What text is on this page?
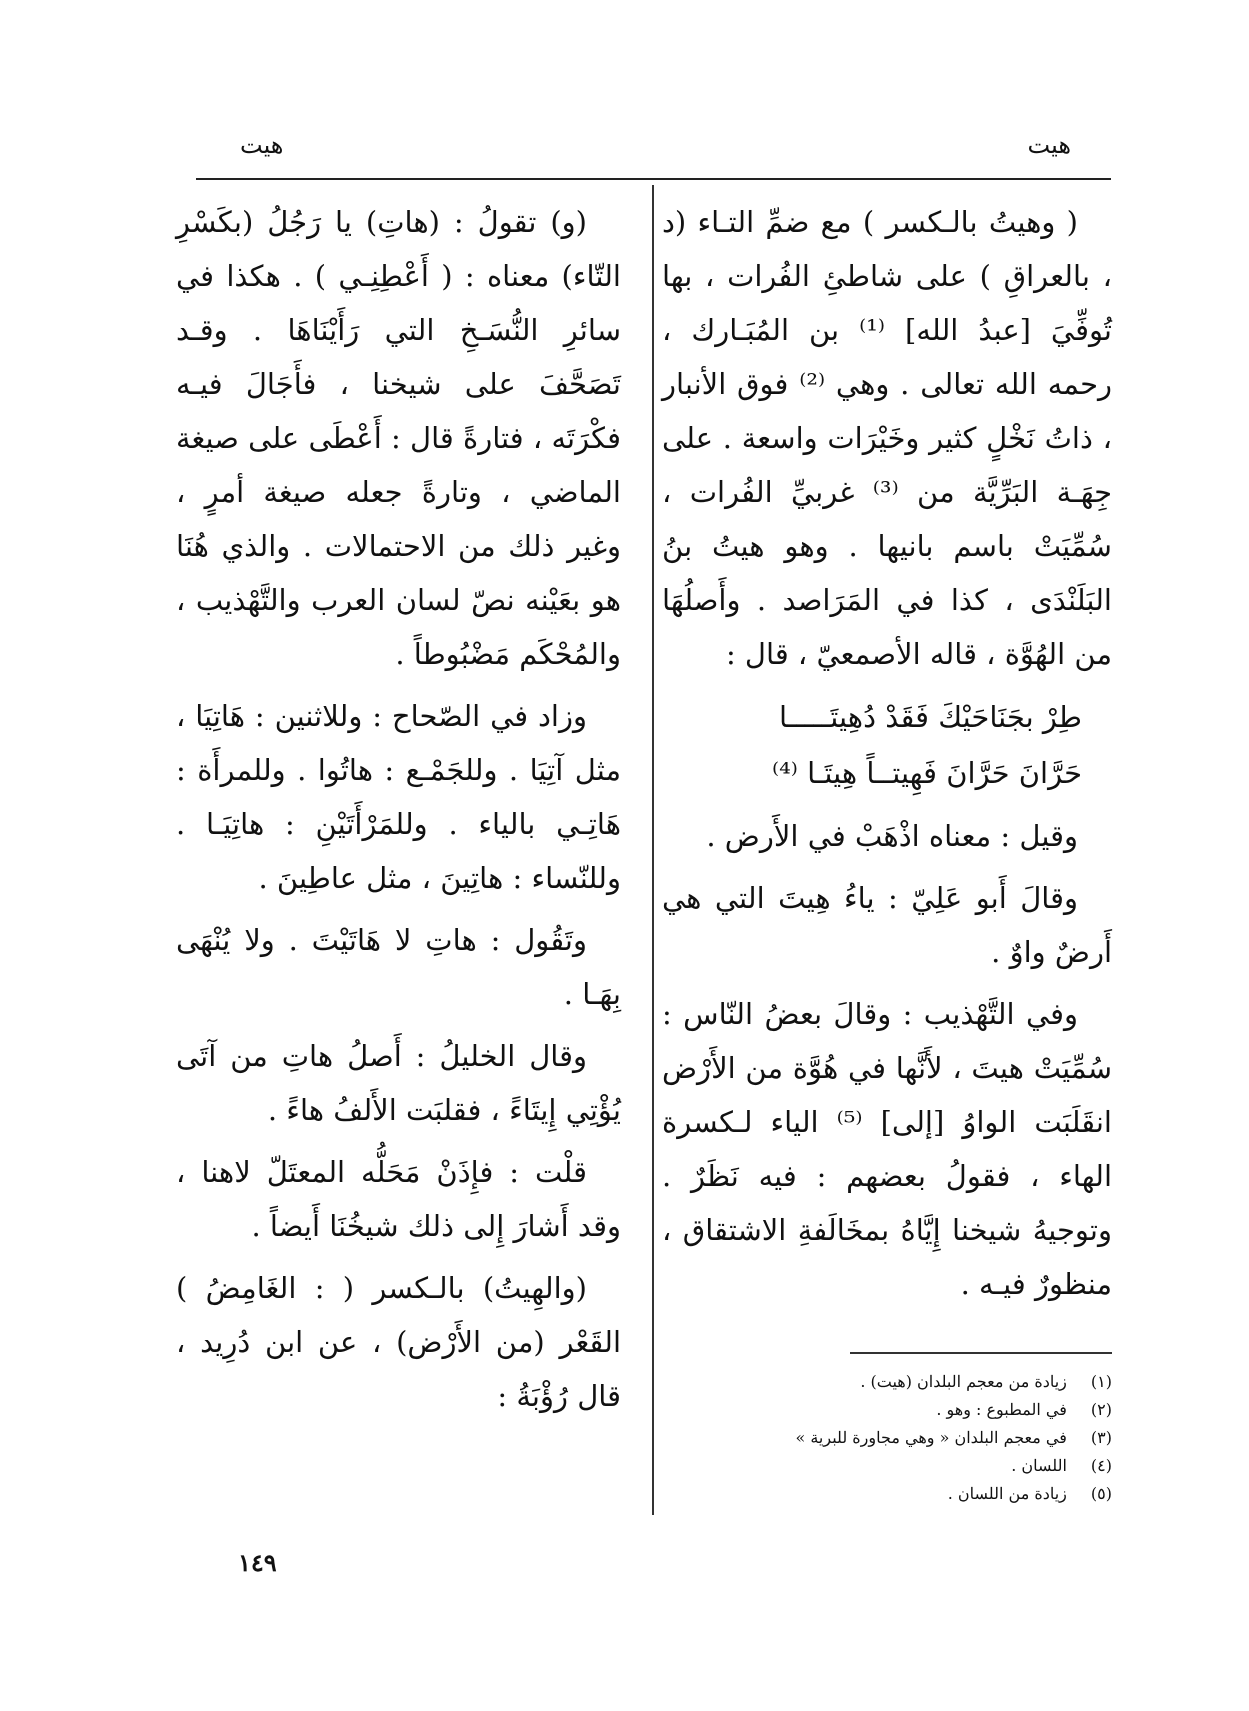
هيت
هيت

( وهيتُ بالـكسر ) مع ضمِّ التـاء (د ، بالعراقِ ) على شاطئِ الفُرات ، بها تُوفِّيَ [عبدُ الله] ⁽¹⁾ بن المُبَـارك ، رحمه الله تعالى . وهي ⁽²⁾ فوق الأنبار ، ذاتُ نَخْلٍ كثير وخَيْرَات واسعة . على جِهَـة البَرِّيَّة من ⁽³⁾ غربيِّ الفُرات ، سُمِّيَتْ باسم بانيها . وهو هيتُ بنُ البَلَنْدَى ، كذا في المَرَاصد . وأَصلُهَا من الهُوَّة ، قاله الأصمعيّ ، قال :

طِرْ بجَنَاحَيْكَ فَقَدْ دُهِيتَـــــا
حَرَّانَ حَرَّانَ فَهِيتــاً هِيتَـا ⁽⁴⁾

وقيل : معناه اذْهَبْ في الأَرض .

وقالَ أَبو عَلِيّ : ياءُ هِيتَ التي هي أَرضٌ واوٌ .

وفي التَّهْذيب : وقالَ بعضُ النّاس : سُمِّيَتْ هيتَ ، لأَنَّها في هُوَّة من الأَرْض انقَلَبَت الواوُ [إلى] ⁽⁵⁾ الياء لـكسرة الهاء ، فقولُ بعضهم : فيه نَظَرٌ . وتوجيهُ شيخنا إِيَّاهُ بمخَالَفةِ الاشتقاق ، منظورٌ فيـه .

(و) تقولُ : (هاتِ) يا رَجُلُ (بكَسْرِ التّاء) معناه : ( أَعْطِنِـي ) . هكذا في سائرِ النُّسَـخِ التي رَأَيْنَاهَا . وقـد تَصَحَّفَ على شيخنا ، فأَجَالَ فيـه فكْرَتَه ، فتارةً قال : أَعْطَى على صيغة الماضي ، وتارةً جعله صيغة أمرٍ ، وغير ذلك من الاحتمالات . والذي هُنَا هو بعَيْنه نصّ لسان العرب والتَّهْذيب ، والمُحْكَم مَضْبُوطاً .

وزاد في الصّحاح : وللاثنين : هَاتِيَا ، مثل آتِيَا . وللجَمْـع : هاتُوا . وللمرأَة : هَاتِـي بالياء . وللمَرْأَتَيْنِ : هاتِيَـا . وللنّساء : هاتِينَ ، مثل عاطِينَ .

وتَقُول : هاتِ لا هَاتَيْتَ . ولا يُنْهَى بِهَـا .

وقال الخليلُ : أَصلُ هاتِ من آتَى يُؤْتِي إِيتَاءً ، فقلبَت الأَلفُ هاءً .

قلْت : فإِذَنْ مَحَلُّه المعتَلّ لاهنا ، وقد أَشارَ إِلى ذلك شيخُنَا أَيضاً .

(والهِيتُ) بالـكسر ( : الغَامِضُ ) القَعْر (من الأَرْض) ، عن ابن دُرِيد ، قال رُؤْبَةُ :	(١) زيادة من معجم البلدان (هيت) .
(٢) في المطبوع : وهو .
(٣) في معجم البلدان « وهي مجاورة للبرية »
(٤) اللسان .
(٥) زيادة من اللسان .
١٤٩
